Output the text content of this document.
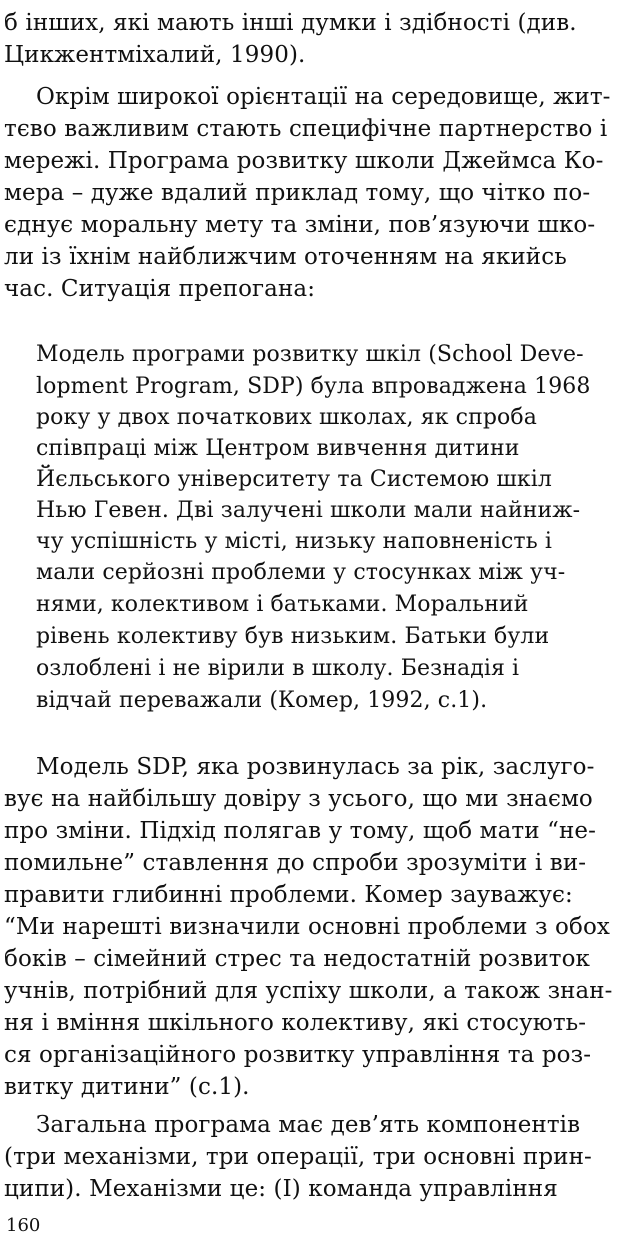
б інших, які мають інші думки і здібності (див.
Цикжентміхалий, 1990).
Окрім широкої орієнтації на середовище, жит-
тєво важливим стають специфічне партнерство і
мережі. Програма розвитку школи Джеймса Ко-
мера – дуже вдалий приклад тому, що чітко по-
єднує моральну мету та зміни, пов’язуючи шко-
ли із їхнім найближчим оточенням на якийсь
час. Ситуація препогана:
Модель програми розвитку шкіл (School Deve-
lopment Program, SDP) була впроваджена 1968
року у двох початкових школах, як спроба
співпраці між Центром вивчення дитини
Йєльського університету та Системою шкіл
Нью Гевен. Дві залучені школи мали найниж-
чу успішність у місті, низьку наповненість і
мали серйозні проблеми у стосунках між уч-
нями, колективом і батьками. Моральний
рівень колективу був низьким. Батьки були
озлоблені і не вірили в школу. Безнадія і
відчай переважали (Комер, 1992, с.1).
Модель SDP, яка розвинулась за рік, заслуго-
вує на найбільшу довіру з усього, що ми знаємо
про зміни. Підхід полягав у тому, щоб мати “не-
помильне” ставлення до спроби зрозуміти і ви-
правити глибинні проблеми. Комер зауважує:
“Ми нарешті визначили основні проблеми з обох
боків – сімейний стрес та недостатній розвиток
учнів, потрібний для успіху школи, а також знан-
ня і вміння шкільного колективу, які стосують-
ся організаційного розвитку управління та роз-
витку дитини” (с.1).
Загальна програма має дев’ять компонентів
(три механізми, три операції, три основні прин-
ципи). Механізми це: (І) команда управління
160
